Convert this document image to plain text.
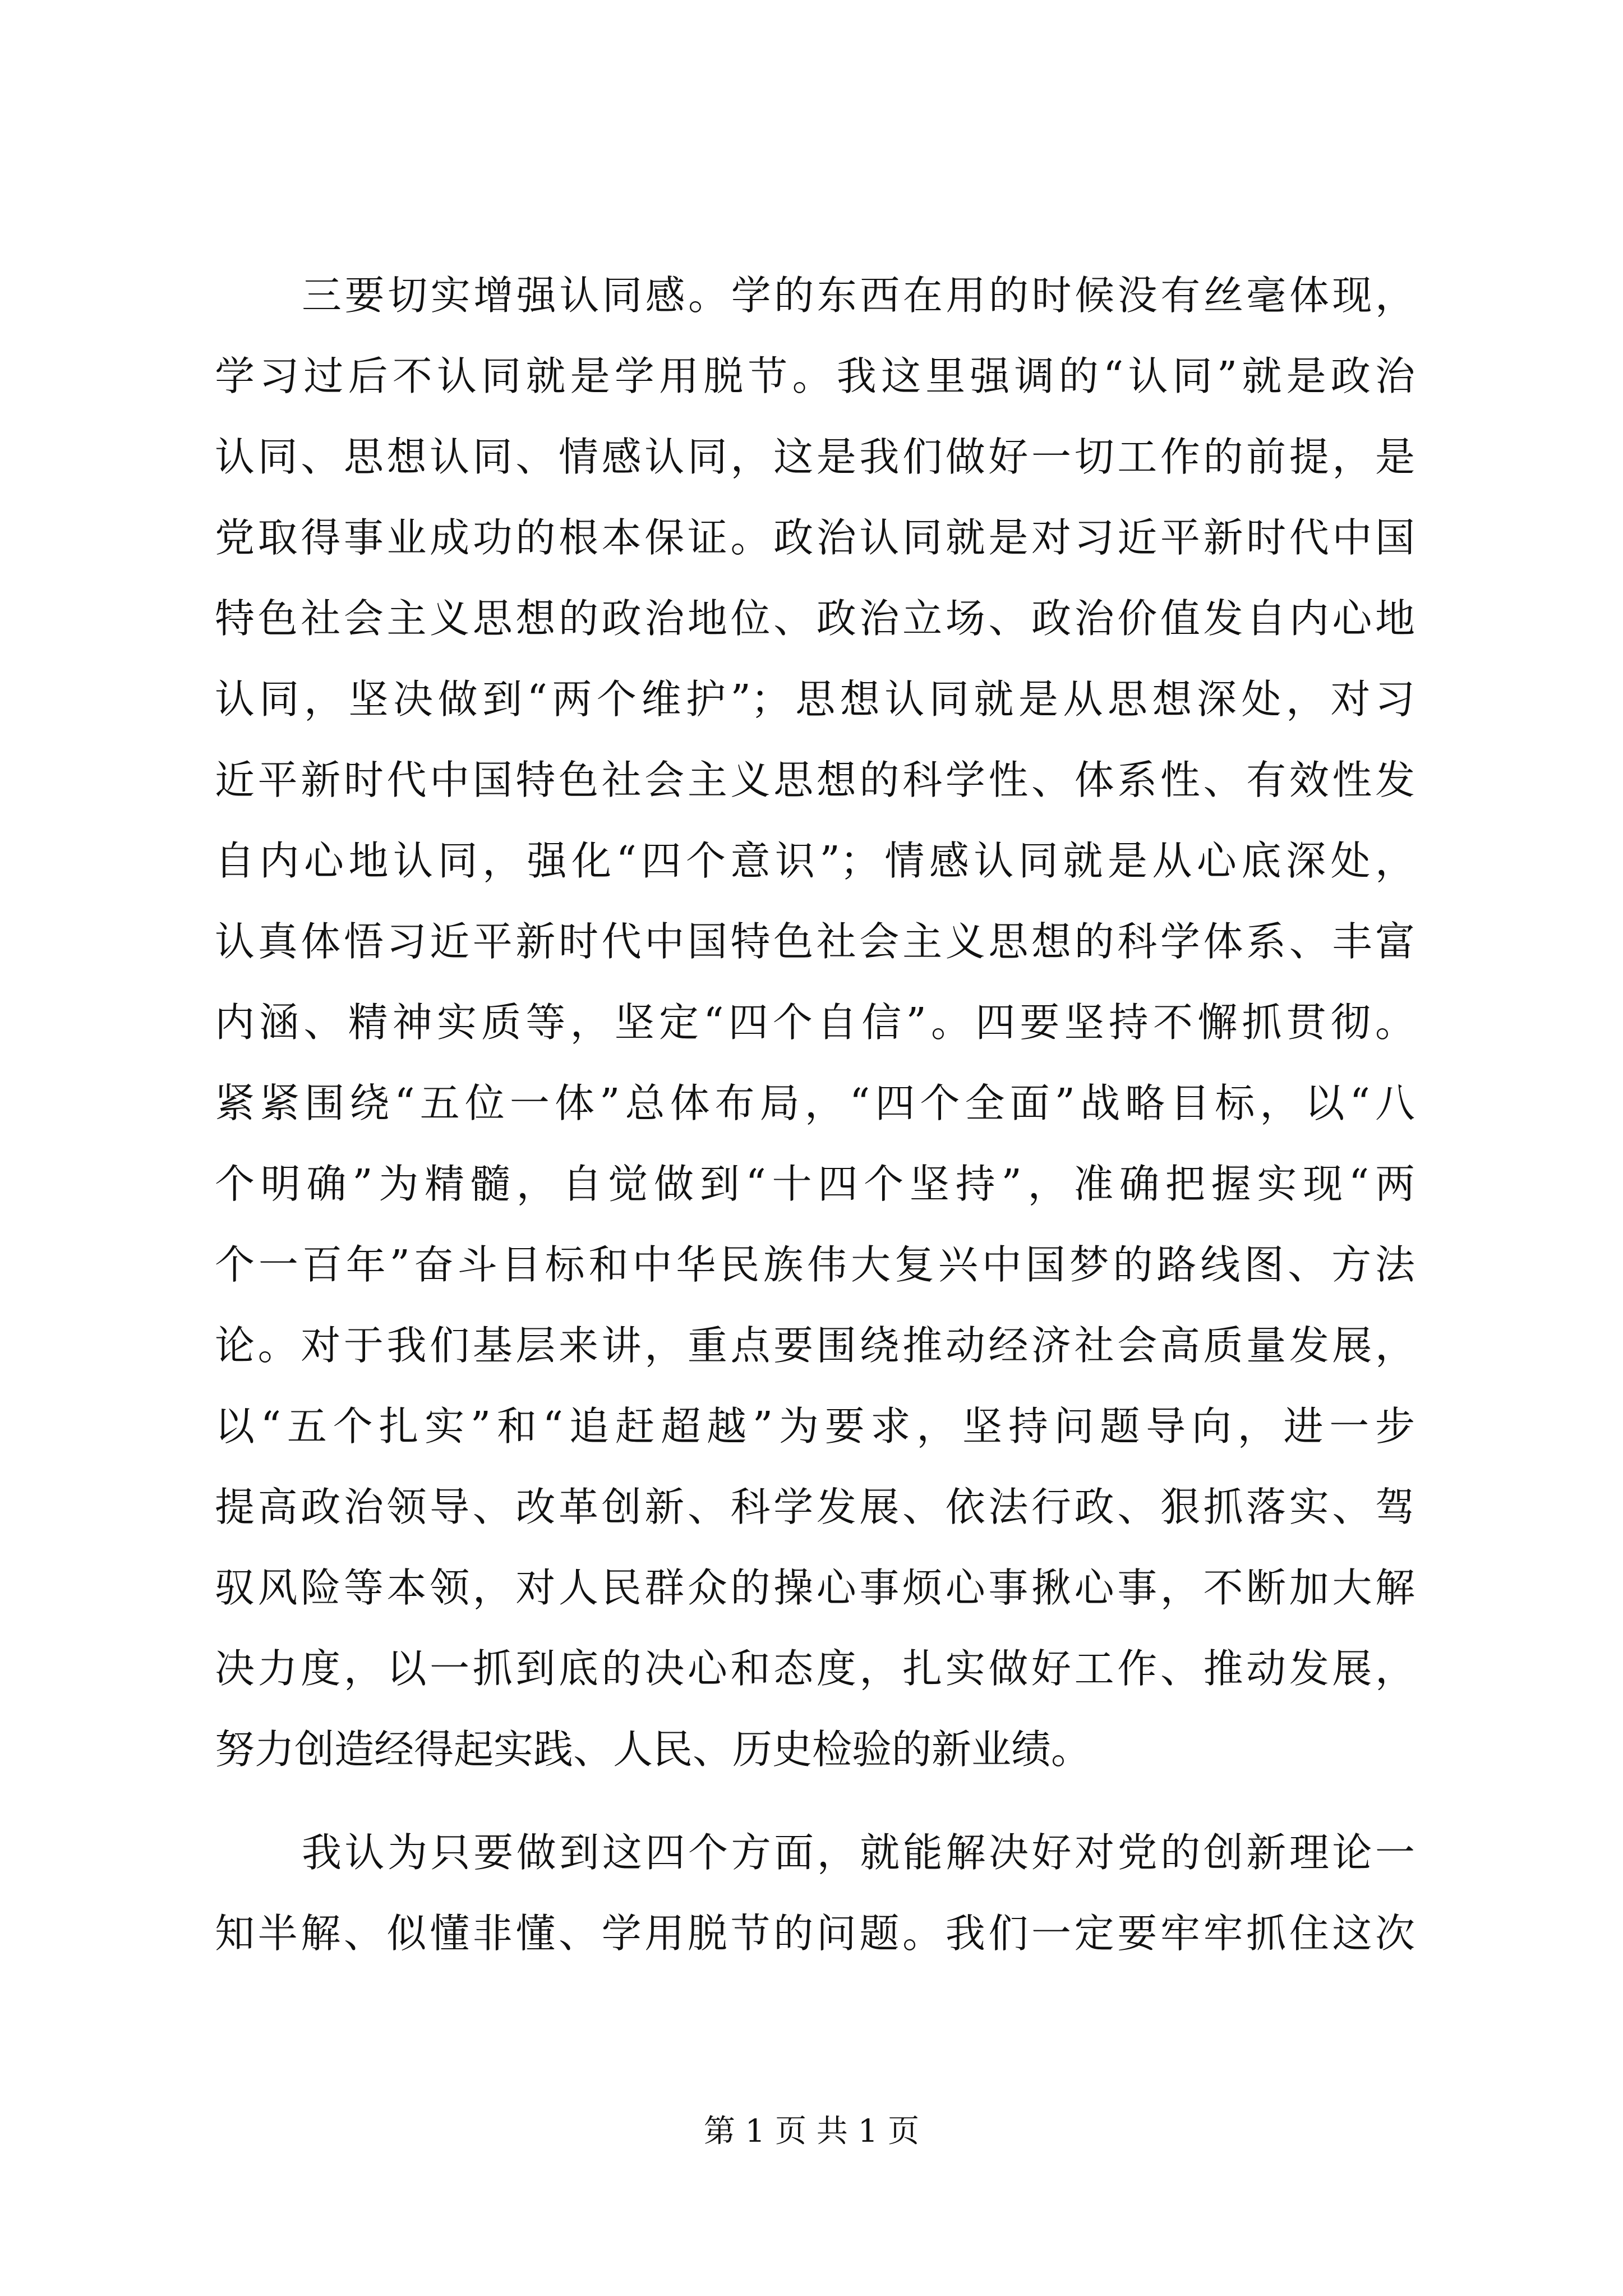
三要切实增强认同感。学的东西在用的时候没有丝毫体现，
学习过后不认同就是学用脱节。我这里强调的“认同”就是政治
认同、思想认同、情感认同，这是我们做好一切工作的前提，是
党取得事业成功的根本保证。政治认同就是对习近平新时代中国
特色社会主义思想的政治地位、政治立场、政治价值发自内心地
认同，坚决做到“两个维护”；思想认同就是从思想深处，对习
近平新时代中国特色社会主义思想的科学性、体系性、有效性发
自内心地认同，强化“四个意识”；情感认同就是从心底深处，
认真体悟习近平新时代中国特色社会主义思想的科学体系、丰富
内涵、精神实质等，坚定“四个自信”。四要坚持不懈抓贯彻。
紧紧围绕“五位一体”总体布局，“四个全面”战略目标，以“八
个明确”为精髓，自觉做到“十四个坚持”，准确把握实现“两
个一百年”奋斗目标和中华民族伟大复兴中国梦的路线图、方法
论。对于我们基层来讲，重点要围绕推动经济社会高质量发展，
以“五个扎实”和“追赶超越”为要求，坚持问题导向，进一步
提高政治领导、改革创新、科学发展、依法行政、狠抓落实、驾
驭风险等本领，对人民群众的操心事烦心事揪心事，不断加大解
决力度，以一抓到底的决心和态度，扎实做好工作、推动发展，
努力创造经得起实践、人民、历史检验的新业绩。
我认为只要做到这四个方面，就能解决好对党的创新理论一
知半解、似懂非懂、学用脱节的问题。我们一定要牢牢抓住这次
第 1 页 共 1 页
